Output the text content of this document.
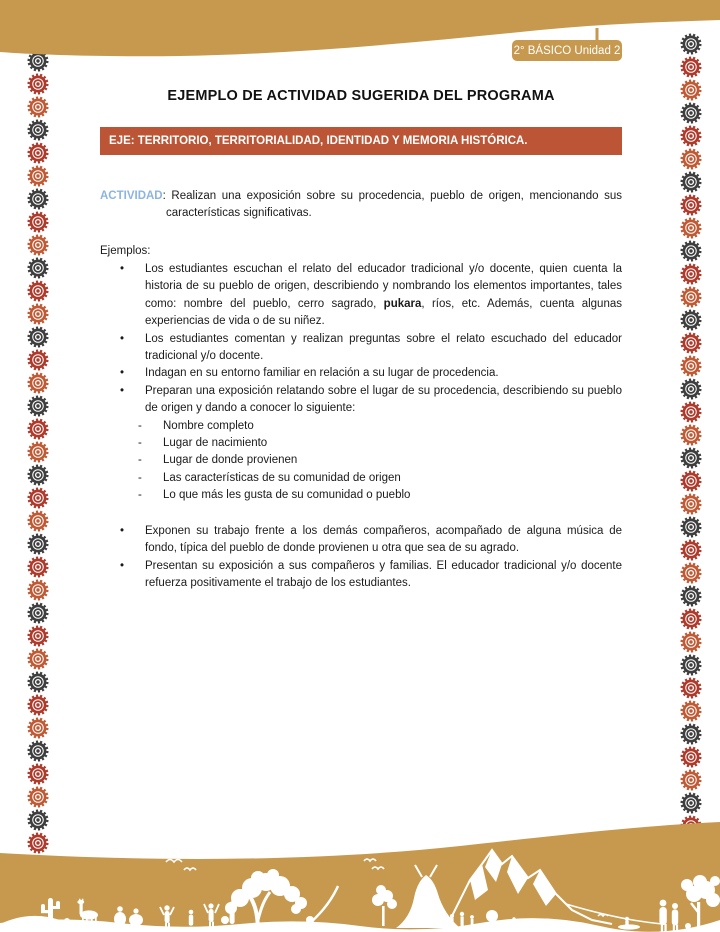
2° BÁSICO Unidad 2
EJEMPLO DE ACTIVIDAD SUGERIDA DEL PROGRAMA
EJE: TERRITORIO, TERRITORIALIDAD, IDENTIDAD Y MEMORIA HISTÓRICA.

ACTIVIDAD: Realizan una exposición sobre su procedencia, pueblo de origen, mencionando sus características significativas.

Ejemplos:
•	Los estudiantes escuchan el relato del educador tradicional y/o docente, quien cuenta la historia de su pueblo de origen, describiendo y nombrando los elementos importantes, tales como: nombre del pueblo, cerro sagrado, pukara, ríos, etc. Además, cuenta algunas experiencias de vida o de su niñez.

•	Los estudiantes comentan y realizan preguntas sobre el relato escuchado del educador tradicional y/o docente.

•	Indagan en su entorno familiar en relación a su lugar de procedencia.

•	Preparan una exposición relatando sobre el lugar de su procedencia, describiendo su pueblo de origen y dando a conocer lo siguiente:

- Nombre completo
- Lugar de nacimiento
- Lugar de donde provienen
- Las características de su comunidad de origen
- Lo que más les gusta de su comunidad o pueblo
•	Exponen su trabajo frente a los demás compañeros, acompañado de alguna música de fondo, típica del pueblo de donde provienen u otra que sea de su agrado.

•	Presentan su exposición a sus compañeros y familias. El educador tradicional y/o docente refuerza positivamente el trabajo de los estudiantes.
